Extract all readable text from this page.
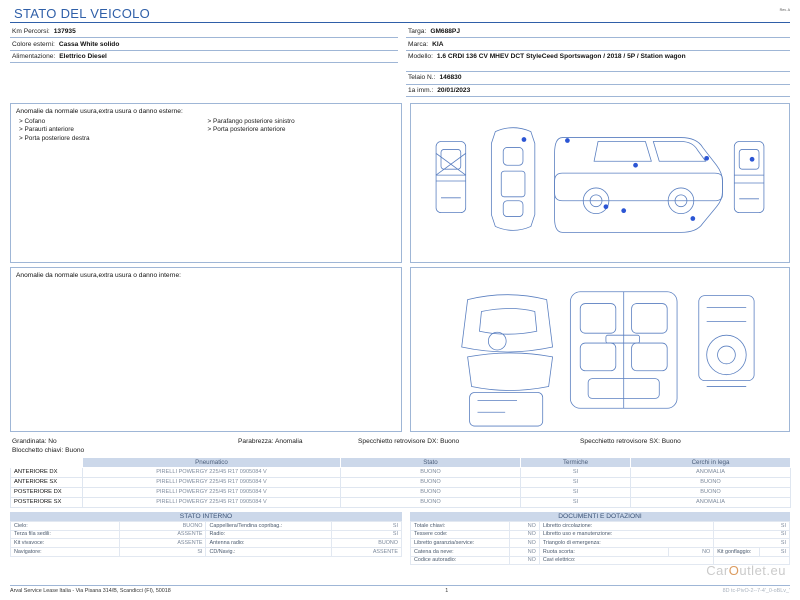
STATO DEL VEICOLO	Rev. A
Km Percorsi: 137935
Colore esterni: Cassa White solido
Alimentazione: Elettrico Diesel
Targa: GM688PJ
Marca: KIA
Modello: 1.6 CRDI 136 CV MHEV DCT StyleCeed Sportswagon / 2018 / 5P / Station wagon
Telaio N.: 146830
1a imm.: 20/01/2023
Anomalie da normale usura,extra usura o danno esterne:
> Cofano
> Paraurti anteriore
> Porta posteriore destra
> Parafango posteriore sinistro
> Porta posteriore anteriore
Anomalie da normale usura,extra usura o danno interne:
Grandinata: No	Parabrezza: Anomalia	Specchietto retrovisore DX: Buono	Specchietto retrovisore SX: Buono
Blocchetto chiavi: Buono
	Pneumatico	Stato	Termiche	Cerchi in lega
ANTERIORE DX	PIRELLI POWERGY 225/45 R17 0905084 V	BUONO	SI	ANOMALIA
ANTERIORE SX	PIRELLI POWERGY 225/45 R17 0905084 V	BUONO	SI	BUONO
POSTERIORE DX	PIRELLI POWERGY 225/45 R17 0905084 V	BUONO	SI	BUONO
POSTERIORE SX	PIRELLI POWERGY 225/45 R17 0905084 V	BUONO	SI	ANOMALIA
STATO INTERNO
Cielo:	BUONO	Cappelliera/Tendina copribag.:	SI
Terza fila sedili:	ASSENTE	Radio:	SI
Kit vivavoce:	ASSENTE	Antenna radio:	BUONO
Navigatore:	SI	CD/Navig.:	ASSENTE
DOCUMENTI E DOTAZIONI
Totale chiavi:	NO	Libretto circolazione:		SI	
Tessere code:	NO	Libretto uso e manutenzione:		SI	
Libretto garanzia/service:	NO	Triangolo di emergenza:		SI	
Catena da neve:	NO	Ruota scorta:	NO	Kit gonflaggio:	SI
Codice autoradio:	NO	Cavi elettrico:			
CarOutlet.eu
Arval Service Lease Italia - Via Pisana 314/B, Scandicci (FI), 50018	1	8D tc-PivO-2--7-4'_0-oBLv_'
